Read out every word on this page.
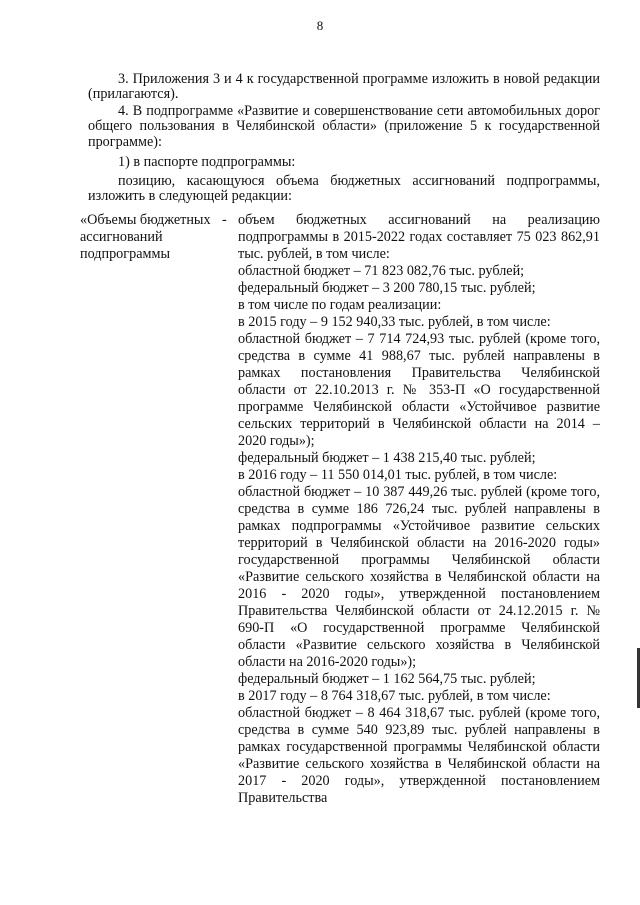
8

3. Приложения 3 и 4 к государственной программе изложить в новой редакции (прилагаются).

4. В подпрограмме «Развитие и совершенствование сети автомобильных дорог общего пользования в Челябинской области» (приложение 5 к государственной программе):

1) в паспорте подпрограммы:

позицию, касающуюся объема бюджетных ассигнований подпрограммы, изложить в следующей редакции:

«Объемы бюджетных ассигнований подпрограммы
- объем бюджетных ассигнований на реализацию подпрограммы в 2015-2022 годах составляет 75 023 862,91 тыс. рублей, в том числе:

областной бюджет – 71 823 082,76 тыс. рублей;

федеральный бюджет – 3 200 780,15 тыс. рублей;

в том числе по годам реализации:

в 2015 году – 9 152 940,33 тыс. рублей, в том числе:

областной бюджет – 7 714 724,93 тыс. рублей (кроме того, средства в сумме 41 988,67 тыс. рублей направлены в рамках постановления Правительства Челябинской области от 22.10.2013 г. № 353-П «О государственной программе Челябинской области «Устойчивое развитие сельских территорий в Челябинской области на 2014 – 2020 годы»);

федеральный бюджет – 1 438 215,40 тыс. рублей;

в 2016 году – 11 550 014,01 тыс. рублей, в том числе:

областной бюджет – 10 387 449,26 тыс. рублей (кроме того, средства в сумме 186 726,24 тыс. рублей направлены в рамках подпрограммы «Устойчивое развитие сельских территорий в Челябинской области на 2016-2020 годы» государственной программы Челябинской области «Развитие сельского хозяйства в Челябинской области на 2016 - 2020 годы», утвержденной постановлением Правительства Челябинской области от 24.12.2015 г. № 690-П «О государственной программе Челябинской области «Развитие сельского хозяйства в Челябинской области на 2016-2020 годы»);

федеральный бюджет – 1 162 564,75 тыс. рублей;

в 2017 году – 8 764 318,67 тыс. рублей, в том числе:

областной бюджет – 8 464 318,67 тыс. рублей (кроме того, средства в сумме 540 923,89 тыс. рублей направлены в рамках государственной программы Челябинской области «Развитие сельского хозяйства в Челябинской области на 2017 - 2020 годы», утвержденной постановлением Правительства
